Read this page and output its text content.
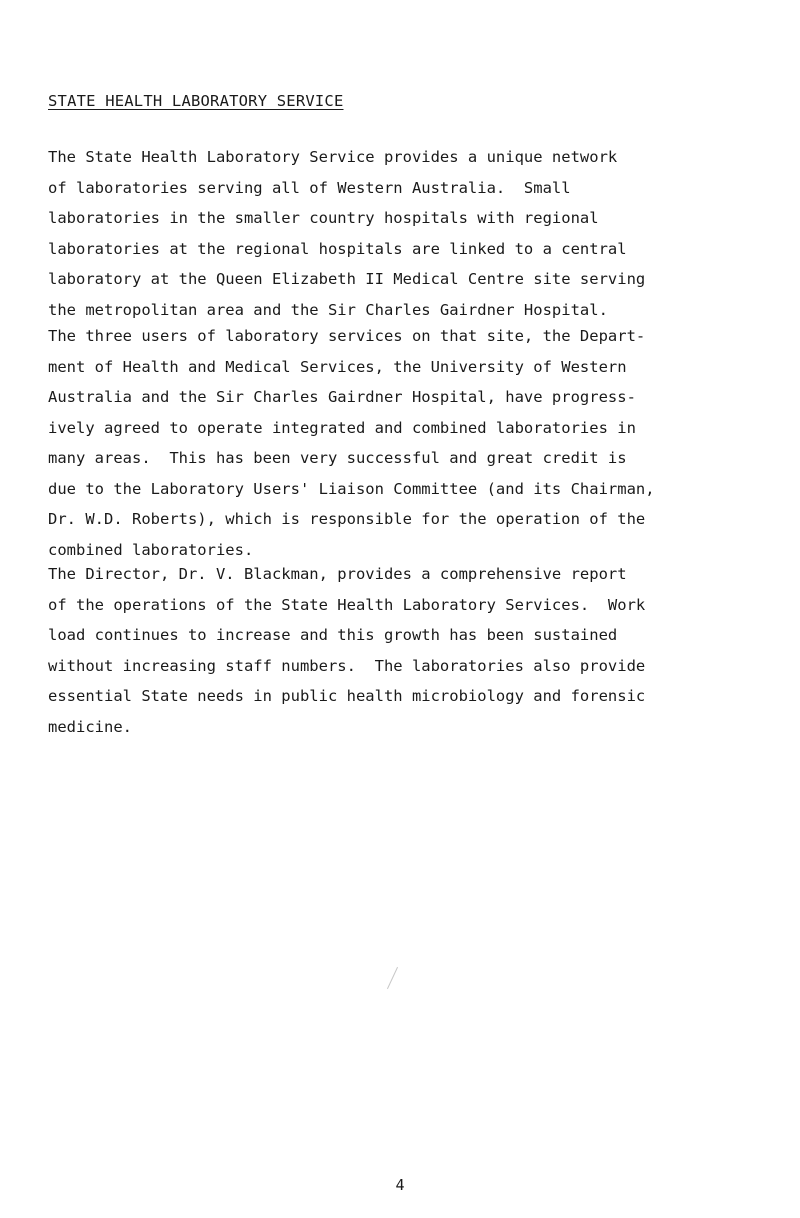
STATE HEALTH LABORATORY SERVICE
The State Health Laboratory Service provides a unique network
of laboratories serving all of Western Australia.  Small
laboratories in the smaller country hospitals with regional
laboratories at the regional hospitals are linked to a central
laboratory at the Queen Elizabeth II Medical Centre site serving
the metropolitan area and the Sir Charles Gairdner Hospital.
The three users of laboratory services on that site, the Depart-
ment of Health and Medical Services, the University of Western
Australia and the Sir Charles Gairdner Hospital, have progress-
ively agreed to operate integrated and combined laboratories in
many areas.  This has been very successful and great credit is
due to the Laboratory Users' Liaison Committee (and its Chairman,
Dr. W.D. Roberts), which is responsible for the operation of the
combined laboratories.
The Director, Dr. V. Blackman, provides a comprehensive report
of the operations of the State Health Laboratory Services.  Work
load continues to increase and this growth has been sustained
without increasing staff numbers.  The laboratories also provide
essential State needs in public health microbiology and forensic
medicine.
4
